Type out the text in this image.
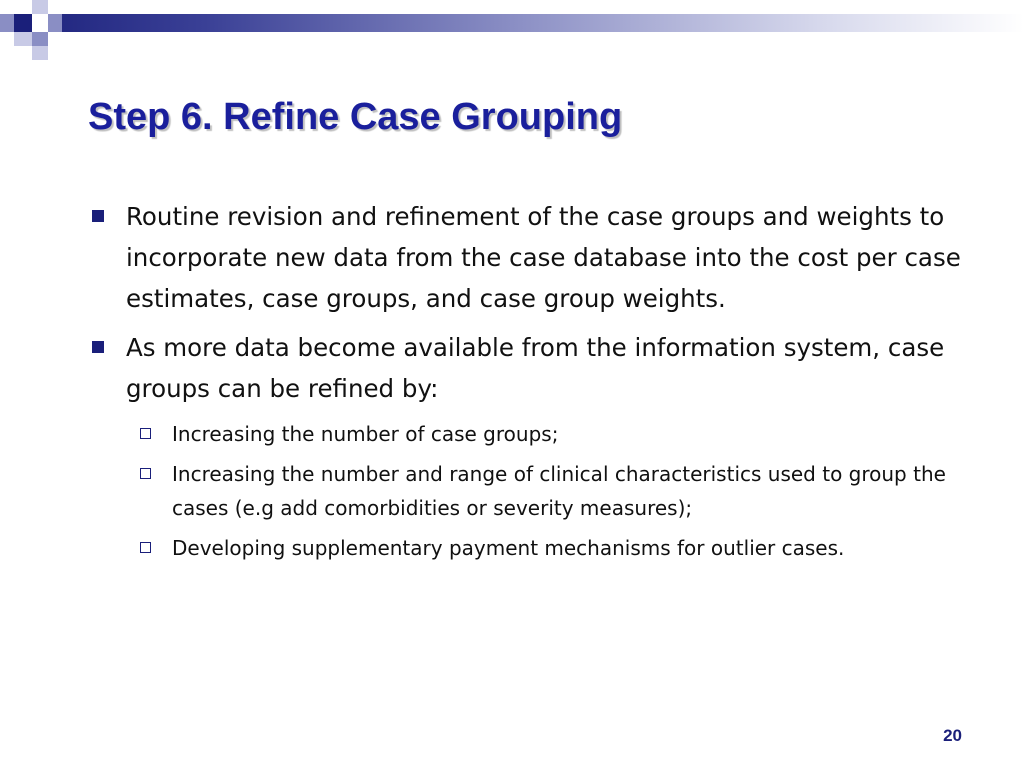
Step 6. Refine Case Grouping
Routine revision and refinement of the case groups and weights to incorporate new data from the case database into the cost per case estimates, case groups, and case group weights.
As more data become available from the information system, case groups can be refined by:
Increasing the number of case groups;
Increasing the number and range of clinical characteristics used to group the cases (e.g add comorbidities or severity measures);
Developing supplementary payment mechanisms for outlier cases.
20
